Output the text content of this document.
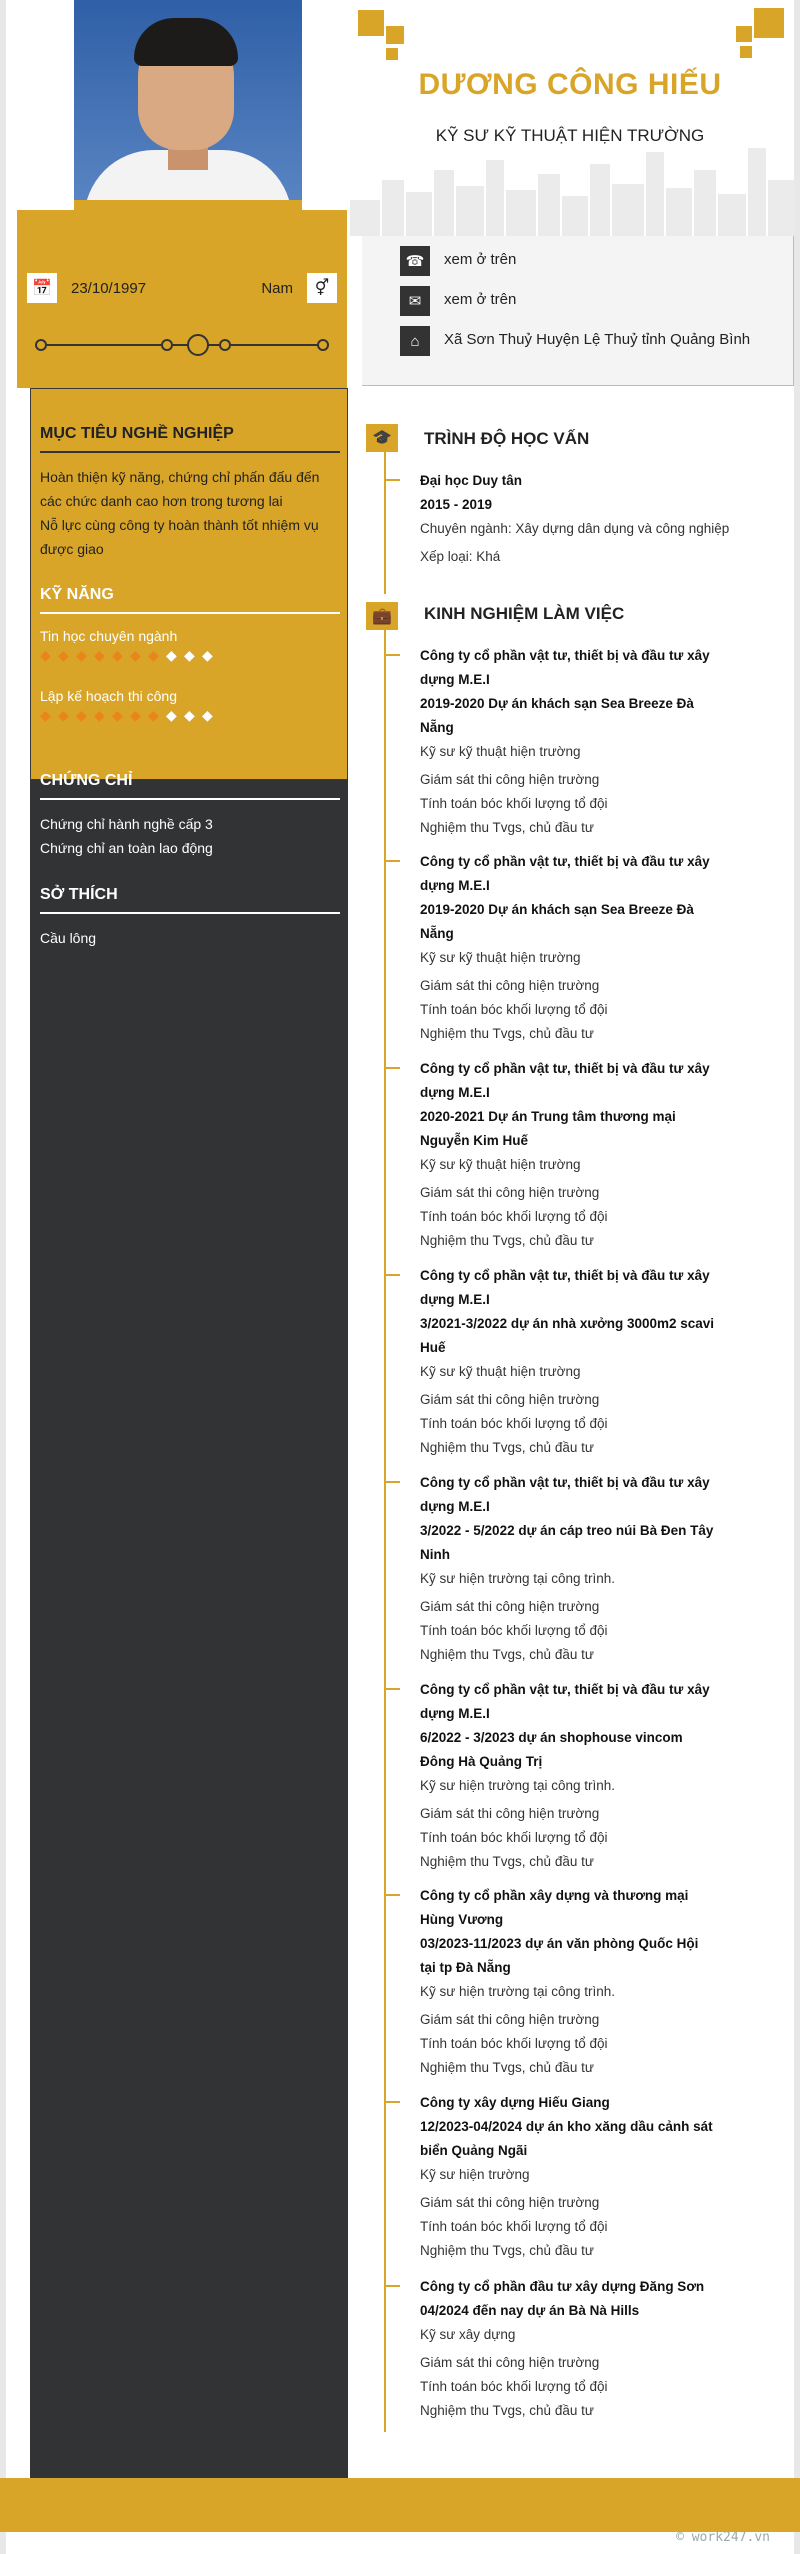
📅	23/10/1997	Nam	⚥
MỤC TIÊU NGHỀ NGHIỆP
Hoàn thiện kỹ năng, chứng chỉ phấn đấu đến
các chức danh cao hơn trong tương lai
Nỗ lực cùng công ty hoàn thành tốt nhiệm vụ
được giao
KỸ NĂNG
Tin học chuyên ngành
◆ ◆ ◆ ◆ ◆ ◆ ◆ ◆ ◆ ◆
Lập kế hoạch thi công
◆ ◆ ◆ ◆ ◆ ◆ ◆ ◆ ◆ ◆
CHỨNG CHỈ
Chứng chỉ hành nghề cấp 3
Chứng chỉ an toàn lao động
SỞ THÍCH
Cầu lông
DƯƠNG CÔNG HIẾU
KỸ SƯ KỸ THUẬT HIỆN TRƯỜNG
☎	xem ở trên
✉	xem ở trên
⌂	Xã Sơn Thuỷ Huyện Lệ Thuỷ tỉnh Quảng Bình
🎓 TRÌNH ĐỘ HỌC VẤN
Đại học Duy tân
2015 - 2019
Chuyên ngành: Xây dựng dân dụng và công nghiệp
Xếp loại: Khá
💼 KINH NGHIỆM LÀM VIỆC
Công ty cổ phần vật tư, thiết bị và đầu tư xây
dựng M.E.I
2019-2020 Dự án khách sạn Sea Breeze Đà
Nẵng
Kỹ sư kỹ thuật hiện trường
Giám sát thi công hiện trường
Tính toán bóc khối lượng tổ đội
Nghiệm thu Tvgs, chủ đầu tư
Công ty cổ phần vật tư, thiết bị và đầu tư xây
dựng M.E.I
2019-2020 Dự án khách sạn Sea Breeze Đà
Nẵng
Kỹ sư kỹ thuật hiện trường
Giám sát thi công hiện trường
Tính toán bóc khối lượng tổ đội
Nghiệm thu Tvgs, chủ đầu tư
Công ty cổ phần vật tư, thiết bị và đầu tư xây
dựng M.E.I
2020-2021 Dự án Trung tâm thương mại
Nguyễn Kim Huế
Kỹ sư kỹ thuật hiện trường
Giám sát thi công hiện trường
Tính toán bóc khối lượng tổ đội
Nghiệm thu Tvgs, chủ đầu tư
Công ty cổ phần vật tư, thiết bị và đầu tư xây
dựng M.E.I
3/2021-3/2022 dự án nhà xưởng 3000m2 scavi
Huế
Kỹ sư kỹ thuật hiện trường
Giám sát thi công hiện trường
Tính toán bóc khối lượng tổ đội
Nghiệm thu Tvgs, chủ đầu tư
Công ty cổ phần vật tư, thiết bị và đầu tư xây
dựng M.E.I
3/2022 - 5/2022 dự án cáp treo núi Bà Đen Tây
Ninh
Kỹ sư hiện trường tại công trình.
Giám sát thi công hiện trường
Tính toán bóc khối lượng tổ đội
Nghiệm thu Tvgs, chủ đầu tư
Công ty cổ phần vật tư, thiết bị và đầu tư xây
dựng M.E.I
6/2022 - 3/2023 dự án shophouse vincom
Đông Hà Quảng Trị
Kỹ sư hiện trường tại công trình.
Giám sát thi công hiện trường
Tính toán bóc khối lượng tổ đội
Nghiệm thu Tvgs, chủ đầu tư
Công ty cổ phần xây dựng và thương mại
Hùng Vương
03/2023-11/2023 dự án văn phòng Quốc Hội
tại tp Đà Nẵng
Kỹ sư hiện trường tại công trình.
Giám sát thi công hiện trường
Tính toán bóc khối lượng tổ đội
Nghiệm thu Tvgs, chủ đầu tư
Công ty xây dựng Hiếu Giang
12/2023-04/2024 dự án kho xăng dầu cảnh sát
biển Quảng Ngãi
Kỹ sư hiện trường
Giám sát thi công hiện trường
Tính toán bóc khối lượng tổ đội
Nghiệm thu Tvgs, chủ đầu tư
Công ty cổ phần đầu tư xây dựng Đăng Sơn
04/2024 đến nay dự án Bà Nà Hills
Kỹ sư xây dựng
Giám sát thi công hiện trường
Tính toán bóc khối lượng tổ đội
Nghiệm thu Tvgs, chủ đầu tư
© work247.vn
